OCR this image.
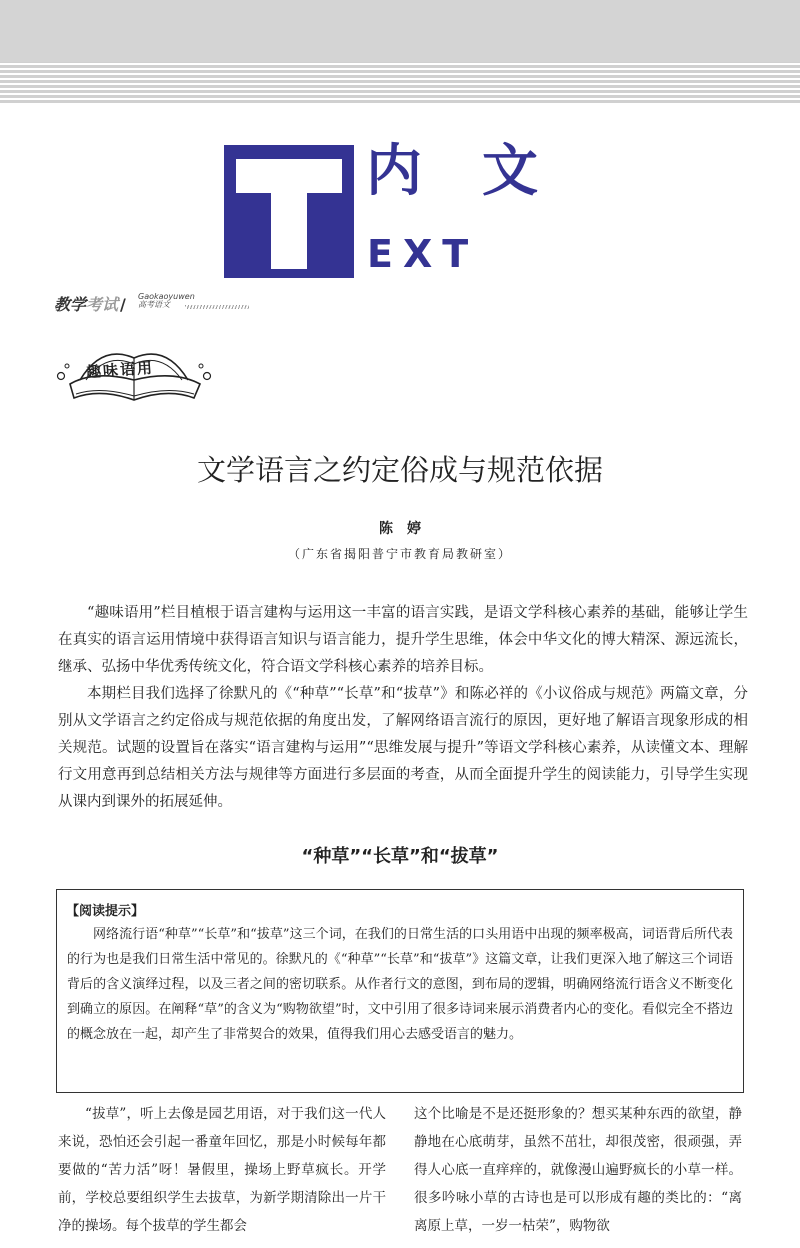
内文
EXT
教学考试 / Gaokaoyuwen
高考语文
趣味语用
文学语言之约定俗成与规范依据
陈婷
（广东省揭阳普宁市教育局教研室）

“趣味语用”栏目植根于语言建构与运用这一丰富的语言实践，是语文学科核心素养的基础，能够让学生在真实的语言运用情境中获得语言知识与语言能力，提升学生思维，体会中华文化的博大精深、源远流长，继承、弘扬中华优秀传统文化，符合语文学科核心素养的培养目标。

本期栏目我们选择了徐默凡的《“种草”“长草”和“拔草”》和陈必祥的《小议俗成与规范》两篇文章，分别从文学语言之约定俗成与规范依据的角度出发，了解网络语言流行的原因，更好地了解语言现象形成的相关规范。试题的设置旨在落实“语言建构与运用”“思维发展与提升”等语文学科核心素养，从读懂文本、理解行文用意再到总结相关方法与规律等方面进行多层面的考查，从而全面提升学生的阅读能力，引导学生实现从课内到课外的拓展延伸。

“种草”“长草”和“拔草”
【阅读提示】

网络流行语“种草”“长草”和“拔草”这三个词，在我们的日常生活的口头用语中出现的频率极高，词语背后所代表的行为也是我们日常生活中常见的。徐默凡的《“种草”“长草”和“拔草”》这篇文章，让我们更深入地了解这三个词语背后的含义演绎过程，以及三者之间的密切联系。从作者行文的意图，到布局的逻辑，明确网络流行语含义不断变化到确立的原因。在阐释“草”的含义为“购物欲望”时，文中引用了很多诗词来展示消费者内心的变化。看似完全不搭边的概念放在一起，却产生了非常契合的效果，值得我们用心去感受语言的魅力。

“拔草”，听上去像是园艺用语，对于我们这一代人来说，恐怕还会引起一番童年回忆，那是小时候每年都要做的“苦力活”呀！暑假里，操场上野草疯长。开学前，学校总要组织学生去拔草，为新学期清除出一片干净的操场。每个拔草的学生都会

这个比喻是不是还挺形象的？想买某种东西的欲望，静静地在心底萌芽，虽然不茁壮，却很茂密，很顽强，弄得人心底一直痒痒的，就像漫山遍野疯长的小草一样。很多吟咏小草的古诗也是可以形成有趣的类比的：“离离原上草，一岁一枯荣”，购物欲
